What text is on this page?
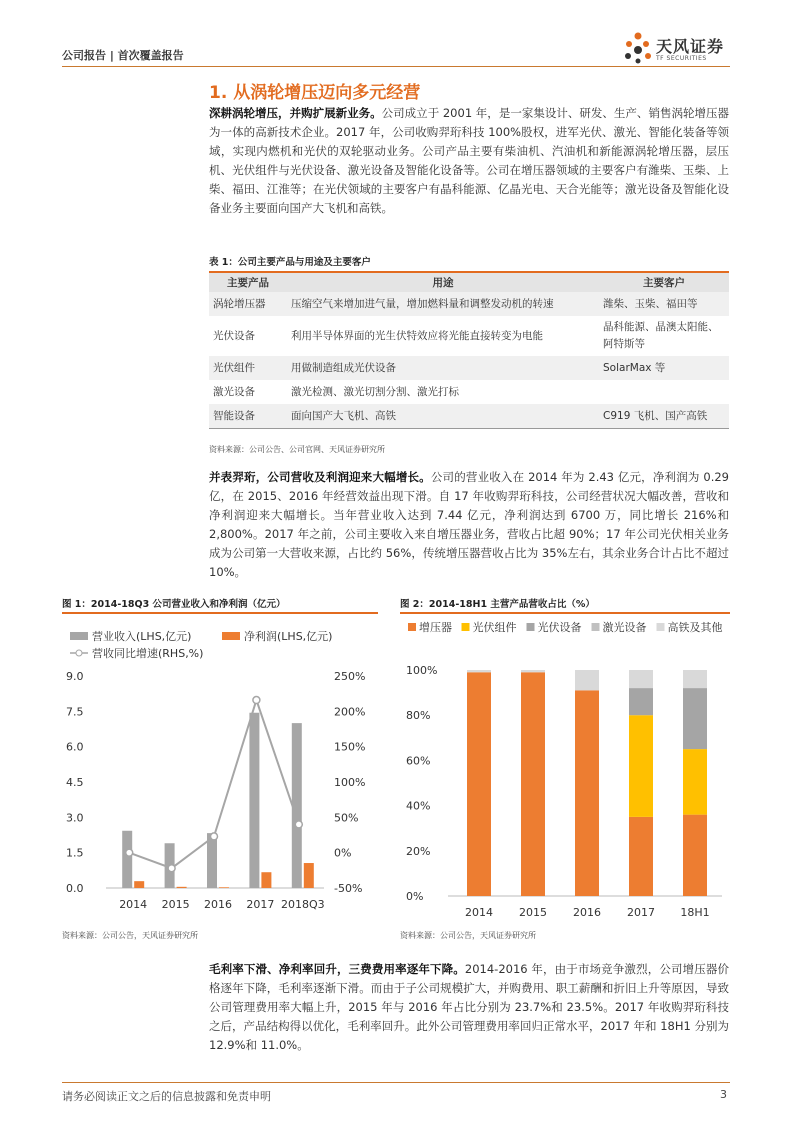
公司报告 | 首次覆盖报告	天风证券
TF SECURITIES
1. 从涡轮增压迈向多元经营
深耕涡轮增压，并购扩展新业务。公司成立于 2001 年，是一家集设计、研发、生产、销售涡轮增压器为一体的高新技术企业。2017 年，公司收购羿珩科技 100%股权，进军光伏、激光、智能化装备等领域，实现内燃机和光伏的双轮驱动业务。公司产品主要有柴油机、汽油机和新能源涡轮增压器，层压机、光伏组件与光伏设备、激光设备及智能化设备等。公司在增压器领域的主要客户有潍柴、玉柴、上柴、福田、江淮等；在光伏领域的主要客户有晶科能源、亿晶光电、天合光能等；激光设备及智能化设备业务主要面向国产大飞机和高铁。
表 1：公司主要产品与用途及主要客户
主要产品	用途	主要客户
涡轮增压器	压缩空气来增加进气量，增加燃料量和调整发动机的转速	潍柴、玉柴、福田等
光伏设备	利用半导体界面的光生伏特效应将光能直接转变为电能	晶科能源、晶澳太阳能、阿特斯等
光伏组件	用做制造组成光伏设备	SolarMax 等
激光设备	激光检测、激光切割分割、激光打标	
智能设备	面向国产大飞机、高铁	C919 飞机、国产高铁
资料来源：公司公告、公司官网、天风证券研究所
并表羿珩，公司营收及利润迎来大幅增长。公司的营业收入在 2014 年为 2.43 亿元，净利润为 0.29 亿，在 2015、2016 年经营效益出现下滑。自 17 年收购羿珩科技，公司经营状况大幅改善，营收和净利润迎来大幅增长。当年营业收入达到 7.44 亿元，净利润达到 6700 万，同比增长 216%和 2,800%。2017 年之前，公司主要收入来自增压器业务，营收占比超 90%；17 年公司光伏相关业务成为公司第一大营收来源，占比约 56%，传统增压器营收占比为 35%左右，其余业务合计占比不超过 10%。
图 1：2014-18Q3 公司营业收入和净利润（亿元）	图 2：2014-18H1 主营产品营收占比（%）
营业收入(LHS,亿元)	净利润(LHS,亿元)
营收同比增速(RHS,%)
0.0
1.5
3.0
4.5
6.0
7.5
9.0
-50%
0%
50%
100%
150%
200%
250%
2014 2015 2016 2017 2018Q3
增压器 光伏组件 光伏设备 激光设备 高铁及其他
0%
20%
40%
60%
80%
100%
2014 2015 2016 2017 18H1
资料来源：公司公告，天风证券研究所	资料来源：公司公告，天风证券研究所
毛利率下滑、净利率回升，三费费用率逐年下降。2014-2016 年，由于市场竞争激烈，公司增压器价格逐年下降，毛利率逐渐下滑。而由于子公司规模扩大，并购费用、职工薪酬和折旧上升等原因，导致公司管理费用率大幅上升，2015 年与 2016 年占比分别为 23.7%和 23.5%。2017 年收购羿珩科技之后，产品结构得以优化，毛利率回升。此外公司管理费用率回归正常水平，2017 年和 18H1 分别为 12.9%和 11.0%。
请务必阅读正文之后的信息披露和免责申明	3
